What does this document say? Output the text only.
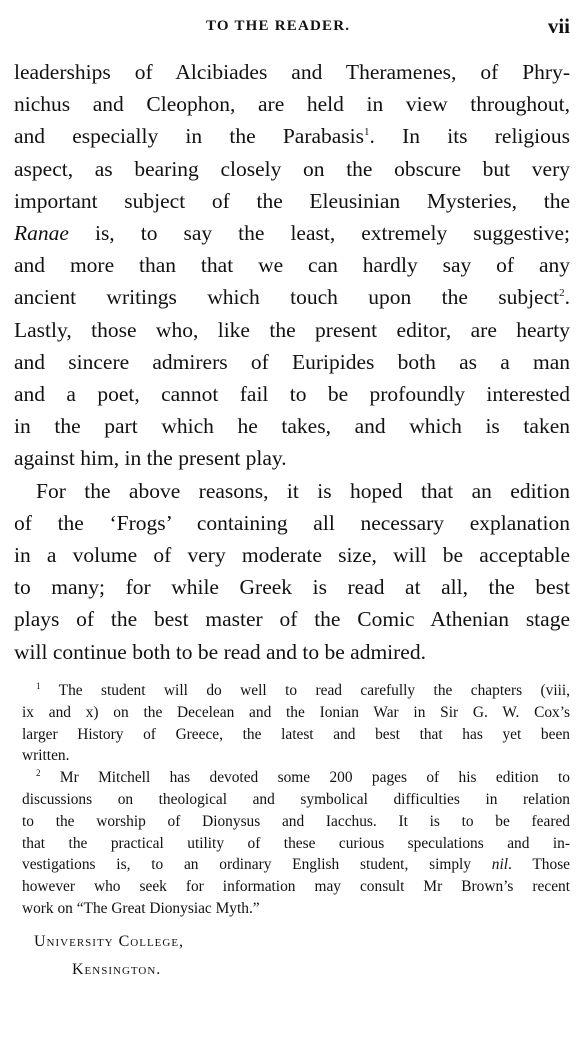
TO THE READER.	vii
leaderships of Alcibiades and Theramenes, of Phry-
nichus and Cleophon, are held in view throughout,
and especially in the Parabasis$^1$. In its religious
aspect, as bearing closely on the obscure but very
important subject of the Eleusinian Mysteries, the
Ranae is, to say the least, extremely suggestive;
and more than that we can hardly say of any
ancient writings which touch upon the subject$^2$.
Lastly, those who, like the present editor, are hearty
and sincere admirers of Euripides both as a man
and a poet, cannot fail to be profoundly interested
in the part which he takes, and which is taken
against him, in the present play.
For the above reasons, it is hoped that an edition
of the ‘Frogs’ containing all necessary explanation
in a volume of very moderate size, will be acceptable
to many; for while Greek is read at all, the best
plays of the best master of the Comic Athenian stage
will continue both to be read and to be admired.
$^1$ The student will do well to read carefully the chapters (viii,
ix and x) on the Decelean and the Ionian War in Sir G. W. Cox’s
larger History of Greece, the latest and best that has yet been
written.
$^2$ Mr Mitchell has devoted some 200 pages of his edition to
discussions on theological and symbolical difficulties in relation
to the worship of Dionysus and Iacchus. It is to be feared
that the practical utility of these curious speculations and in-
vestigations is, to an ordinary English student, simply nil. Those
however who seek for information may consult Mr Brown’s recent
work on “The Great Dionysiac Myth.”
University College,
Kensington.
